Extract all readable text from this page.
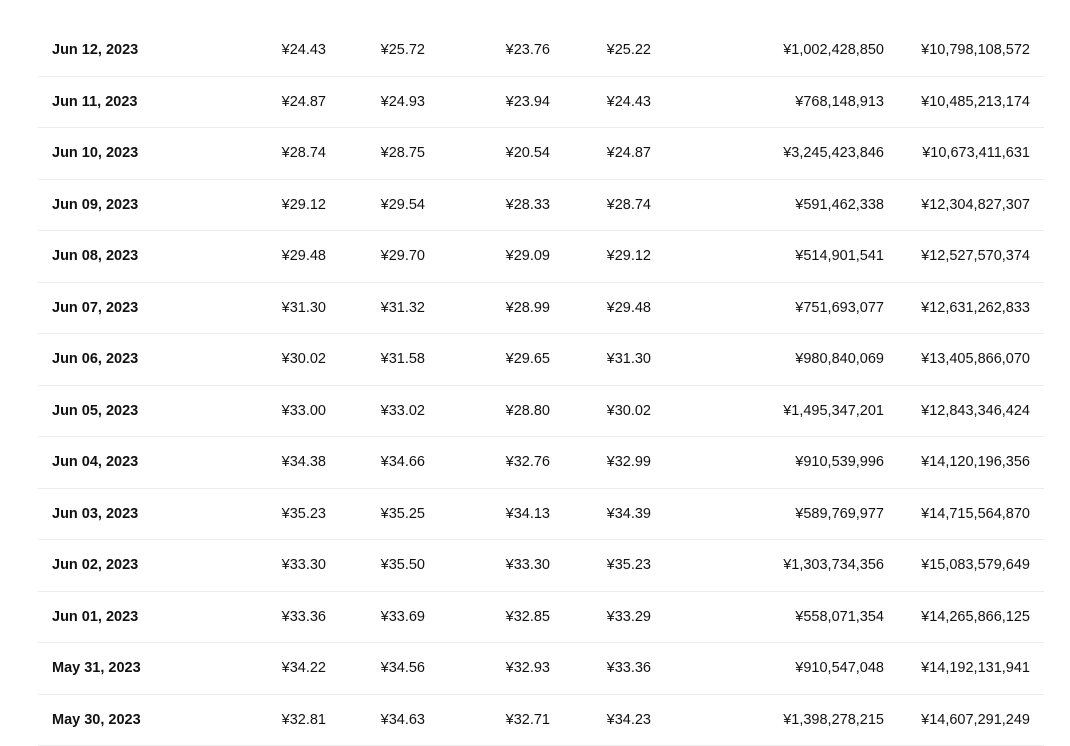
Jun 12, 2023	¥24.43	¥25.72	¥23.76	¥25.22	¥1,002,428,850	¥10,798,108,572
Jun 11, 2023	¥24.87	¥24.93	¥23.94	¥24.43	¥768,148,913	¥10,485,213,174
Jun 10, 2023	¥28.74	¥28.75	¥20.54	¥24.87	¥3,245,423,846	¥10,673,411,631
Jun 09, 2023	¥29.12	¥29.54	¥28.33	¥28.74	¥591,462,338	¥12,304,827,307
Jun 08, 2023	¥29.48	¥29.70	¥29.09	¥29.12	¥514,901,541	¥12,527,570,374
Jun 07, 2023	¥31.30	¥31.32	¥28.99	¥29.48	¥751,693,077	¥12,631,262,833
Jun 06, 2023	¥30.02	¥31.58	¥29.65	¥31.30	¥980,840,069	¥13,405,866,070
Jun 05, 2023	¥33.00	¥33.02	¥28.80	¥30.02	¥1,495,347,201	¥12,843,346,424
Jun 04, 2023	¥34.38	¥34.66	¥32.76	¥32.99	¥910,539,996	¥14,120,196,356
Jun 03, 2023	¥35.23	¥35.25	¥34.13	¥34.39	¥589,769,977	¥14,715,564,870
Jun 02, 2023	¥33.30	¥35.50	¥33.30	¥35.23	¥1,303,734,356	¥15,083,579,649
Jun 01, 2023	¥33.36	¥33.69	¥32.85	¥33.29	¥558,071,354	¥14,265,866,125
May 31, 2023	¥34.22	¥34.56	¥32.93	¥33.36	¥910,547,048	¥14,192,131,941
May 30, 2023	¥32.81	¥34.63	¥32.71	¥34.23	¥1,398,278,215	¥14,607,291,249
